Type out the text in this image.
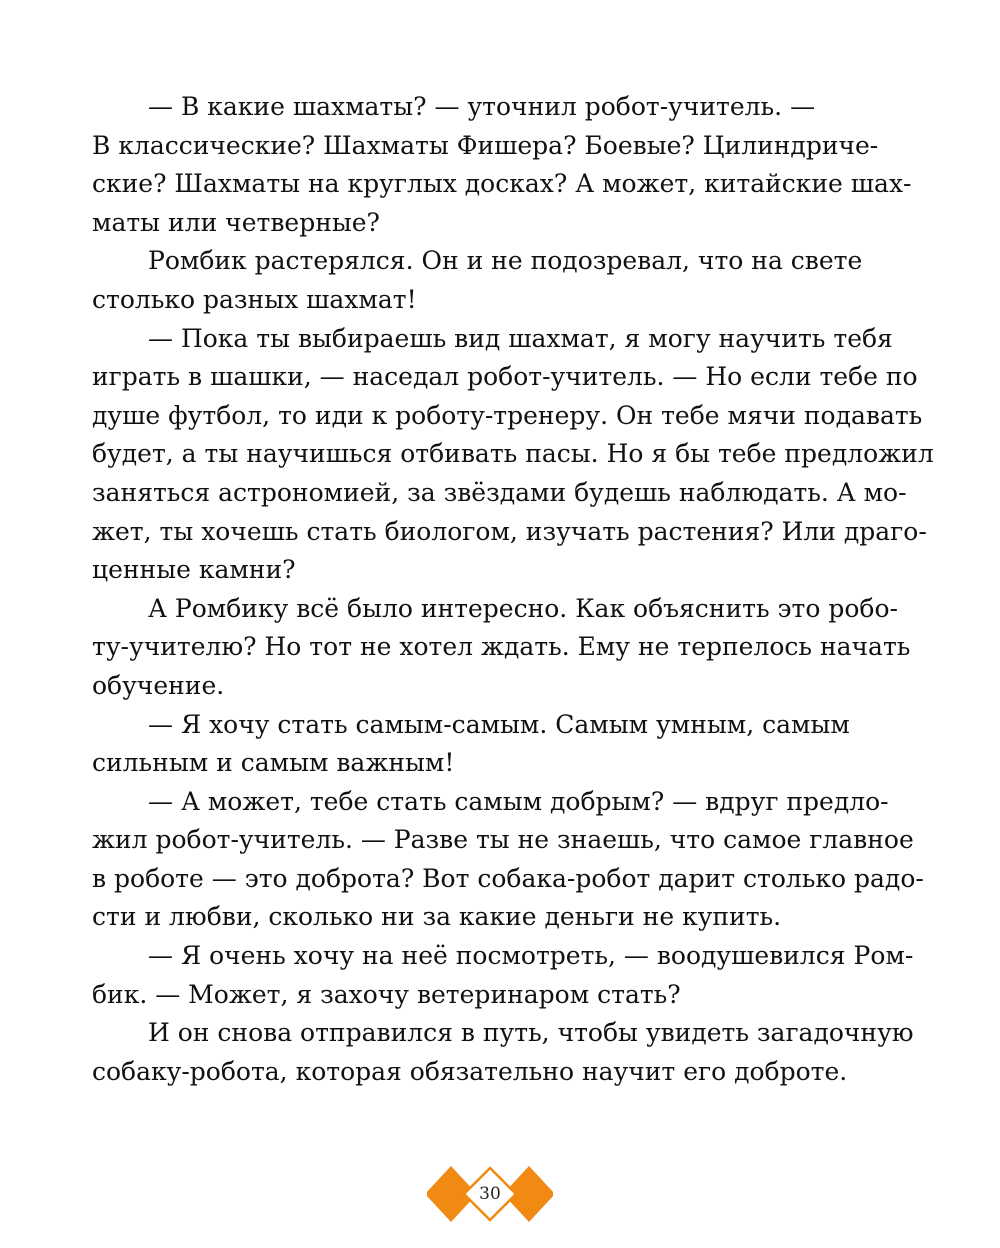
— В какие шахматы? — уточнил робот-учитель. —
В классические? Шахматы Фишера? Боевые? Цилиндриче-
ские? Шахматы на круглых досках? А может, китайские шах-
маты или четверные?

Ромбик растерялся. Он и не подозревал, что на свете
столько разных шахмат!

— Пока ты выбираешь вид шахмат, я могу научить тебя
играть в шашки, — наседал робот-учитель. — Но если тебе по
душе футбол, то иди к роботу-тренеру. Он тебе мячи подавать
будет, а ты научишься отбивать пасы. Но я бы тебе предложил
заняться астрономией, за звёздами будешь наблюдать. А мо-
жет, ты хочешь стать биологом, изучать растения? Или драго-
ценные камни?

А Ромбику всё было интересно. Как объяснить это робо-
ту-учителю? Но тот не хотел ждать. Ему не терпелось начать
обучение.

— Я хочу стать самым-самым. Самым умным, самым
сильным и самым важным!

— А может, тебе стать самым добрым? — вдруг предло-
жил робот-учитель. — Разве ты не знаешь, что самое главное
в роботе — это доброта? Вот собака-робот дарит столько радо-
сти и любви, сколько ни за какие деньги не купить.

— Я очень хочу на неё посмотреть, — воодушевился Ром-
бик. — Может, я захочу ветеринаром стать?

И он снова отправился в путь, чтобы увидеть загадочную
собаку-робота, которая обязательно научит его доброте.

30
